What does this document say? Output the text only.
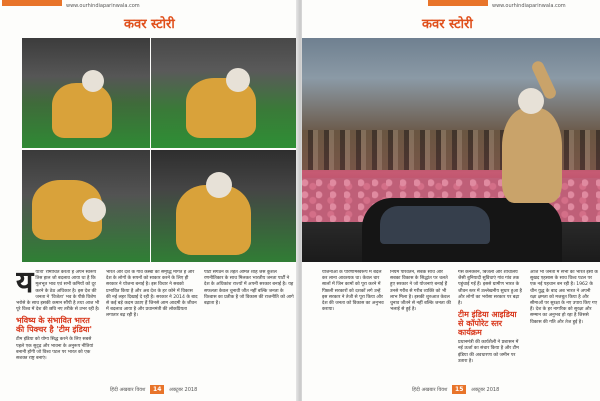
www.ourhindiaparinwala.com
कवर स्टोरी
य यात्रा' रोमांचित करता है अपने स्वरूप तिस हाल जो बदलाव आया था है कि मूलभूत भाव एवं सभी कमियों को दूर करने के ठेठ अधिकार है। इस देश की जनता ने 'विजेता' भव के पीछे विशेष भरोसे के साथ इसकी कमान सौंपी है तथा आज भी पूरे विश्व में देश की छवि नए तरीके से उभर रही है।
भविष्य के संभावित भारत की पिक्चर है 'टीम इंडिया'
टीम इंडिया को योग्य सिद्ध करने के लिए सबसे पहले एक सुदृढ़ और भावना के अनुरूप नीतियां बनानी होंगी जो विश्व पटल पर भारत को एक सशक्त राष्ट्र बनाएं।
भारत और देश के गांव कस्बों की समृद्धि मांगते हैं और देश के लोगों के सपनों को साकार करने के लिए ही सरकार ने योजना बनाई है। इस विचार ने सबको प्रभावित किया है और अब देश के हर कोने में विकास की नई लहर दिखाई दे रही है। सरकार ने 2014 के बाद से कई बड़े कदम उठाए हैं जिनसे आम आदमी के जीवन में बदलाव आया है और प्रधानमंत्री की लोकप्रियता लगातार बढ़ रही है।
पार्टी संगठन के तहत अमित शाह जैसे कुशल रणनीतिकार के साथ मिलकर भारतीय जनता पार्टी ने देश के अधिकांश राज्यों में अपनी सरकार बनाई है। यह सफलता केवल चुनावी जीत नहीं बल्कि जनता के विश्वास का प्रतीक है जो विकास की राजनीति को आगे बढ़ाता है।
हिंदी अखबार विवश 14 अक्टूबर 2018
www.ourhindiaparinwala.com
कवर स्टोरी
योजनाओं के परिणामस्वरूप में बदल कर लाना आवश्यक था। केवल चार सालों में जिन कामों को पूरा करने में पिछली सरकारों को दशकों लगे उन्हें इस सरकार ने तेजी से पूरा किया और देश की जनता को विकास का अनुभव कराया।
नियम परिवर्तन, सबके साथ और सबका विकास के सिद्धांत पर चलते हुए सरकार ने जो योजनाएं बनाई हैं उनसे गरीब से गरीब व्यक्ति को भी लाभ मिला है। इसकी शुरुआत केवल चुनाव जीतने से नहीं बल्कि जनता की भलाई से हुई है।
गैस कनेक्शन, बिजली और शौचालय जैसी बुनियादी सुविधाएं गांव गांव तक पहुंचाई गईं हैं। इससे ग्रामीण भारत के जीवन स्तर में उल्लेखनीय सुधार हुआ है और लोगों का भरोसा सरकार पर बढ़ा है।
टीम इंडिया आइडिया से कॉपोरेट स्तर कार्यक्रम
प्रधानमंत्री की कार्यशैली ने प्रशासन में नई ऊर्जा का संचार किया है और टीम इंडिया की अवधारणा को जमीन पर उतारा है।
आज भी जनता में सभी का भारत इसी के सुखद एहसास के साथ विश्व पटल पर एक नई पहचान बन रही है। 1962 के चीन युद्ध के बाद अब भारत ने अपनी रक्षा क्षमता को मजबूत किया है और सीमाओं पर सुरक्षा के नए उपाय किए गए हैं। देश के हर नागरिक को सुरक्षा और सम्मान का अनुभव हो रहा है जिससे विकास की गति और तेज हुई है।
हिंदी अखबार विवश 15 अक्टूबर 2018
